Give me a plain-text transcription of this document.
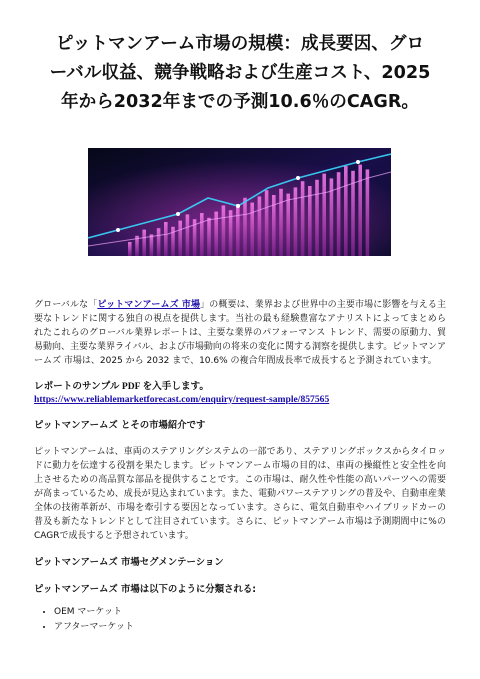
ピットマンアーム市場の規模：成長要因、グロ
ーバル収益、競争戦略および生産コスト、2025
年から2032年までの予測10.6％のCAGR。

グローバルな「ピットマンアームズ 市場」の概要は、業界および世界中の主要市場に影響を与える主要なトレンドに関する独自の視点を提供します。当社の最も経験豊富なアナリストによってまとめられたこれらのグローバル業界レポートは、主要な業界のパフォーマンス トレンド、需要の原動力、貿易動向、主要な業界ライバル、および市場動向の将来の変化に関する洞察を提供します。ピットマンアームズ 市場は、2025 から 2032 まで、10.6% の複合年間成長率で成長すると予測されています。

レポートのサンプル PDF を入手します。
https://www.reliablemarketforecast.com/enquiry/request-sample/857565
ピットマンアームズ とその市場紹介です

ピットマンアームは、車両のステアリングシステムの一部であり、ステアリングボックスからタイロッドに動力を伝達する役割を果たします。ピットマンアーム市場の目的は、車両の操縦性と安全性を向上させるための高品質な部品を提供することです。この市場は、耐久性や性能の高いパーツへの需要が高まっているため、成長が見込まれています。また、電動パワーステアリングの普及や、自動車産業全体の技術革新が、市場を牽引する要因となっています。さらに、電気自動車やハイブリッドカーの普及も新たなトレンドとして注目されています。さらに、ピットマンアーム市場は予測期間中に%のCAGRで成長すると予想されています。

ピットマンアームズ 市場セグメンテーション
ピットマンアームズ 市場は以下のように分類される:
• OEM マーケット
• アフターマーケット
